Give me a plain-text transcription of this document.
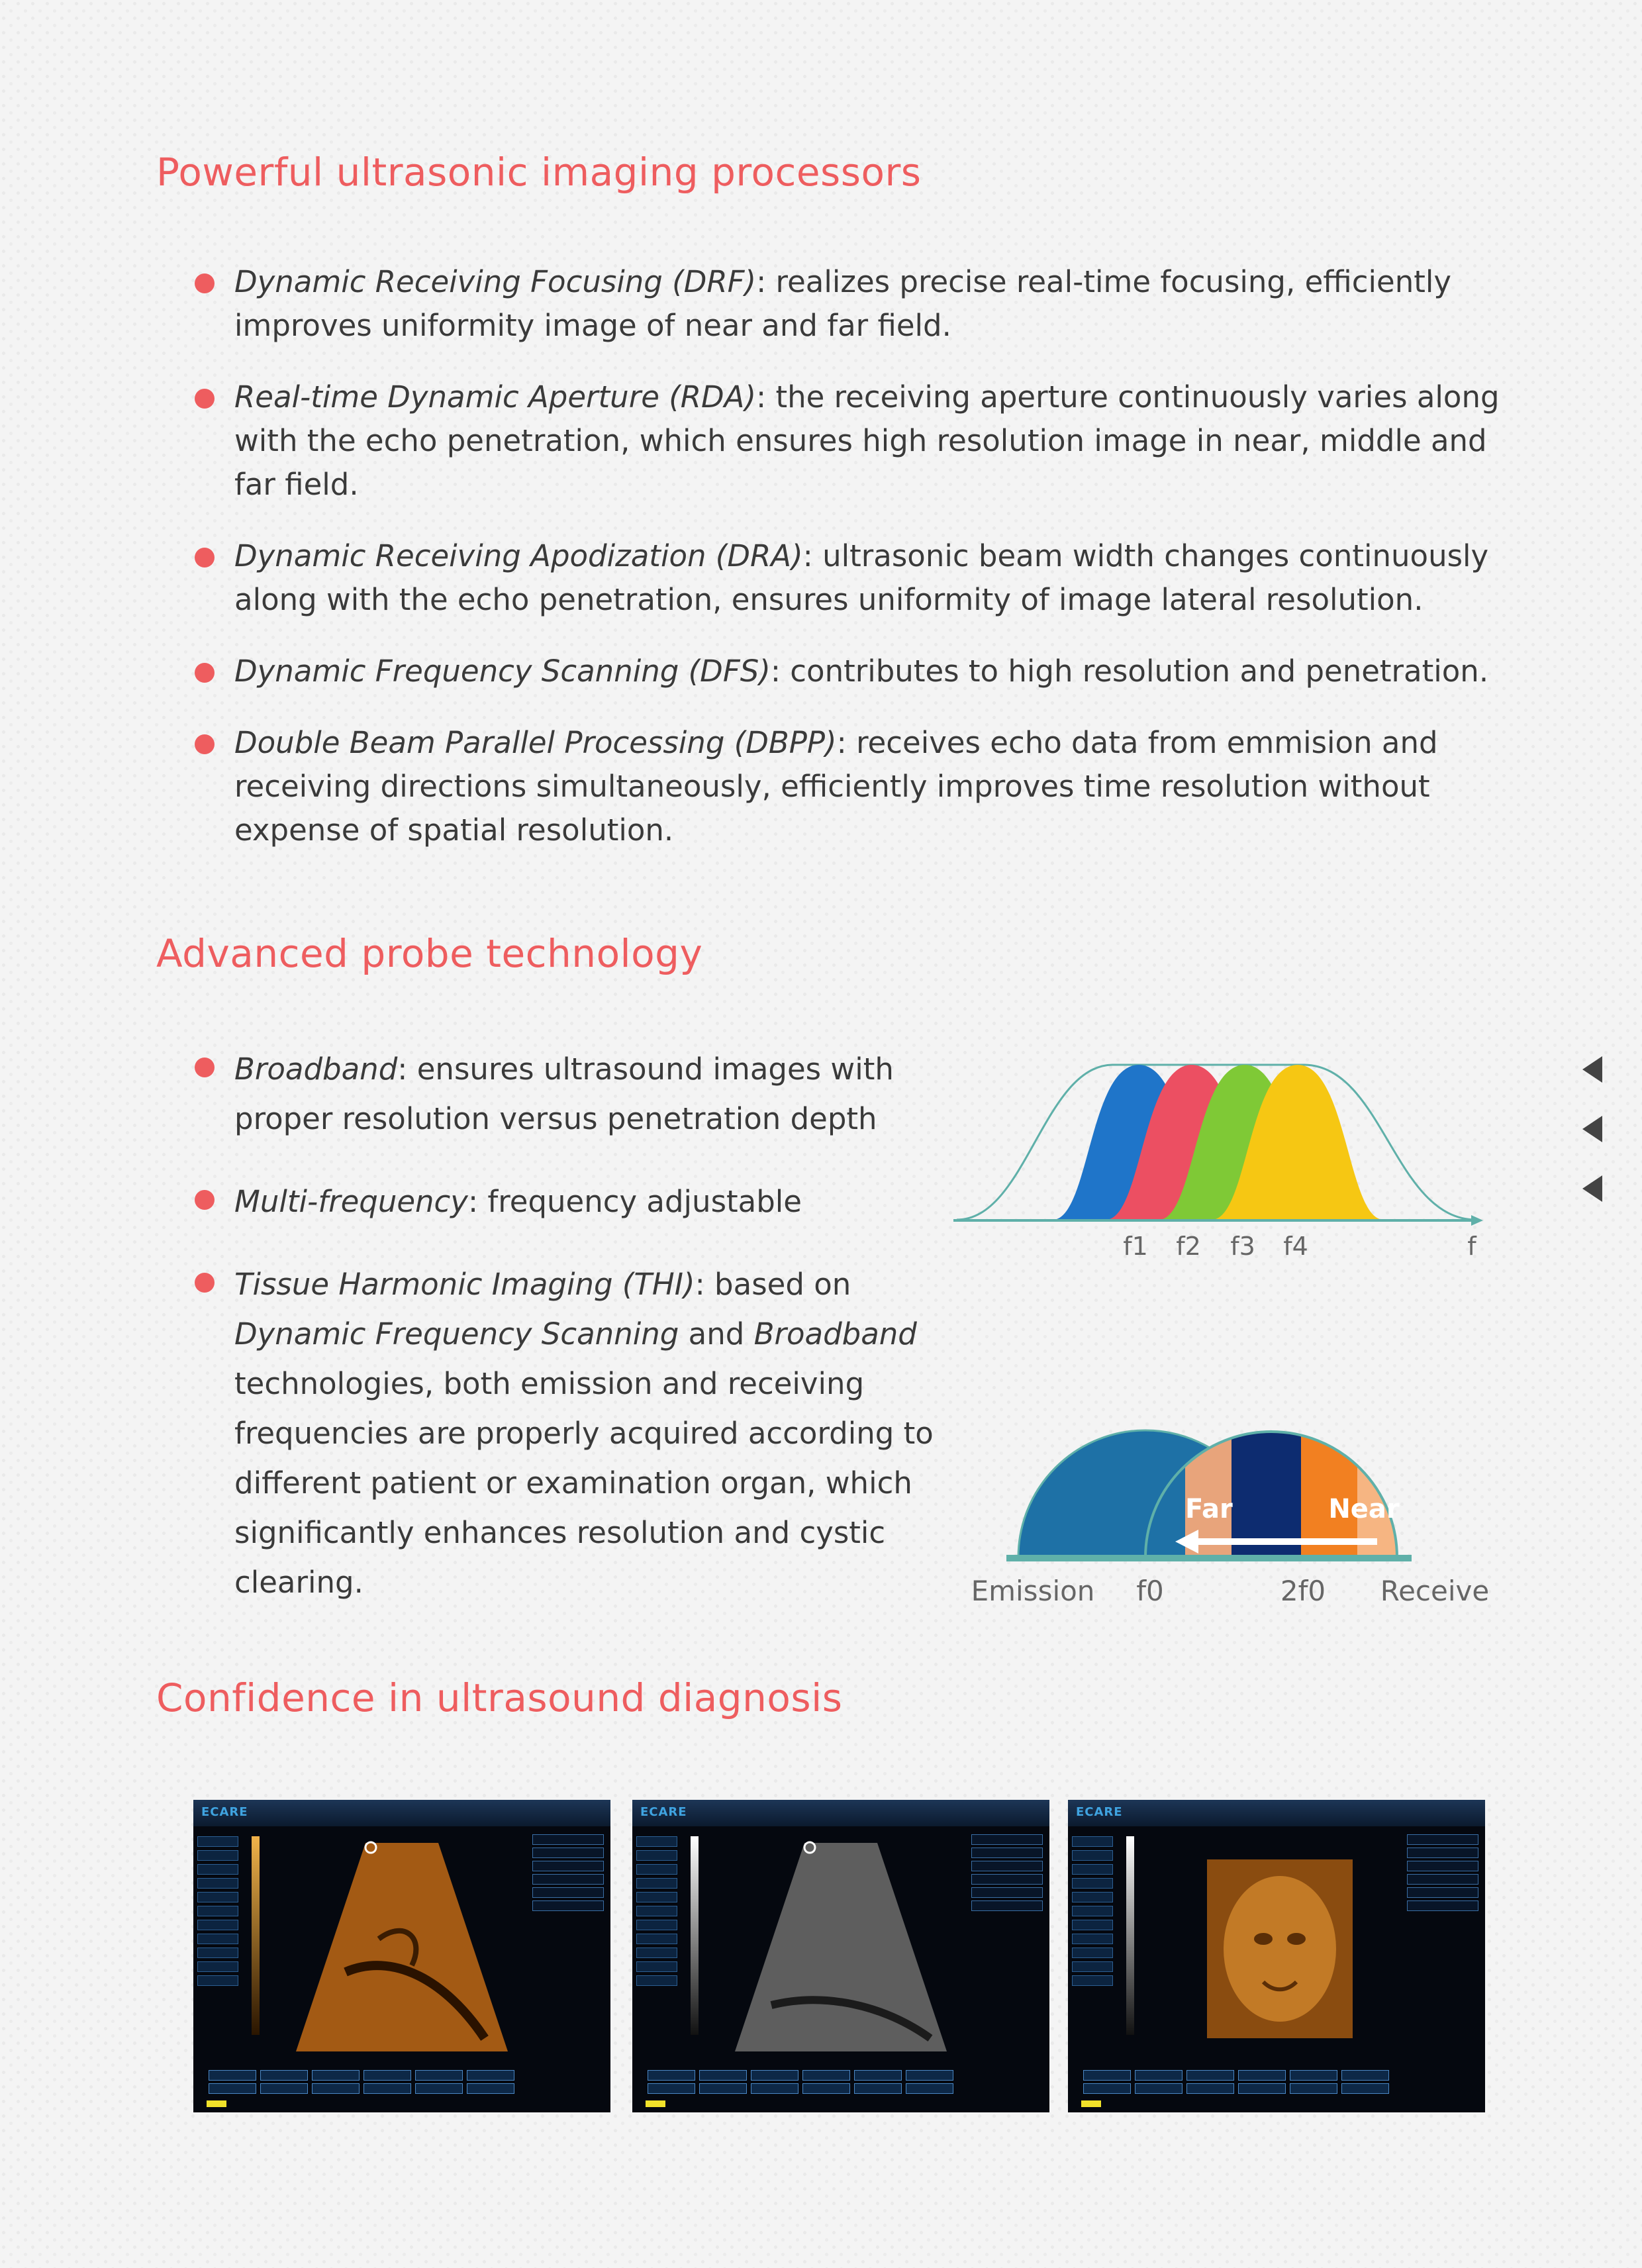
Powerful ultrasonic imaging processors
Dynamic Receiving Focusing (DRF): realizes precise real-time focusing, efficiently improves uniformity image of near and far field.
Real-time Dynamic Aperture (RDA): the receiving aperture continuously varies along with the echo penetration, which ensures high resolution image in near, middle and far field.
Dynamic Receiving Apodization (DRA): ultrasonic beam width changes continuously along with the echo penetration, ensures uniformity of image lateral resolution.
Dynamic Frequency Scanning (DFS): contributes to high resolution and penetration.
Double Beam Parallel Processing (DBPP): receives echo data from emmision and receiving directions simultaneously, efficiently improves time resolution without expense of spatial resolution.
Advanced probe technology
Broadband: ensures ultrasound images with proper resolution versus penetration depth
Multi-frequency: frequency adjustable
Tissue Harmonic Imaging (THI): based on Dynamic Frequency Scanning and Broadband technologies, both emission and receiving frequencies are properly acquired according to different patient or examination organ, which significantly enhances resolution and cystic clearing.
f1 f2 f3 f4	f
Far	Near
Emission f0	2f0 Receive
Confidence in ultrasound diagnosis
ECARE	ECARE	ECARE
